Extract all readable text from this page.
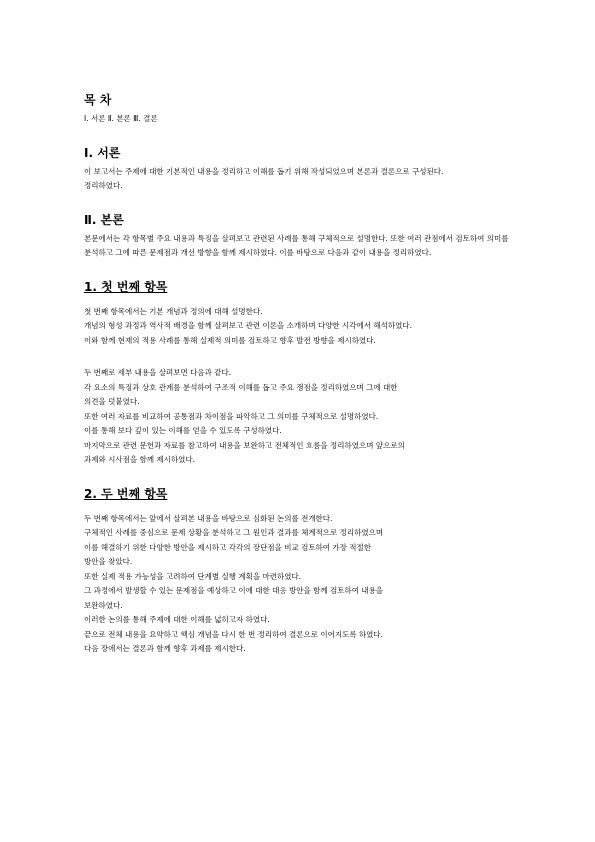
목 차

Ⅰ. 서론 Ⅱ. 본론 Ⅲ. 결론

Ⅰ. 서론

이 보고서는 주제에 대한 기본적인 내용을 정리하고 이해를 돕기 위해 작성되었으며 본론과 결론으로 구성된다.

정리하였다.

Ⅱ. 본론

본문에서는 각 항목별 주요 내용과 특징을 살펴보고 관련된 사례를 통해 구체적으로 설명한다. 또한 여러 관점에서 검토하여 의미를 분석하고 그에 따른 문제점과 개선 방향을 함께 제시하였다. 이를 바탕으로 다음과 같이 내용을 정리하였다.

1. 첫 번째 항목

첫 번째 항목에서는 기본 개념과 정의에 대해 설명한다.

개념의 형성 과정과 역사적 배경을 함께 살펴보고 관련 이론을 소개하며 다양한 시각에서 해석하였다.

이와 함께 현재의 적용 사례를 통해 실제적 의미를 검토하고 향후 발전 방향을 제시하였다.

두 번째로 세부 내용을 살펴보면 다음과 같다.

각 요소의 특징과 상호 관계를 분석하여 구조적 이해를 돕고 주요 쟁점을 정리하였으며 그에 대한

의견을 덧붙였다.

또한 여러 자료를 비교하여 공통점과 차이점을 파악하고 그 의미를 구체적으로 설명하였다.

이를 통해 보다 깊이 있는 이해를 얻을 수 있도록 구성하였다.

마지막으로 관련 문헌과 자료를 참고하여 내용을 보완하고 전체적인 흐름을 정리하였으며 앞으로의

과제와 시사점을 함께 제시하였다.

2. 두 번째 항목

두 번째 항목에서는 앞에서 살펴본 내용을 바탕으로 심화된 논의를 전개한다.

구체적인 사례를 중심으로 문제 상황을 분석하고 그 원인과 결과를 체계적으로 정리하였으며

이를 해결하기 위한 다양한 방안을 제시하고 각각의 장단점을 비교 검토하여 가장 적절한

방안을 찾았다.

또한 실제 적용 가능성을 고려하여 단계별 실행 계획을 마련하였다.

그 과정에서 발생할 수 있는 문제점을 예상하고 이에 대한 대응 방안을 함께 검토하여 내용을

보완하였다.

이러한 논의를 통해 주제에 대한 이해를 넓히고자 하였다.

끝으로 전체 내용을 요약하고 핵심 개념을 다시 한 번 정리하여 결론으로 이어지도록 하였다.

다음 장에서는 결론과 함께 향후 과제를 제시한다.
